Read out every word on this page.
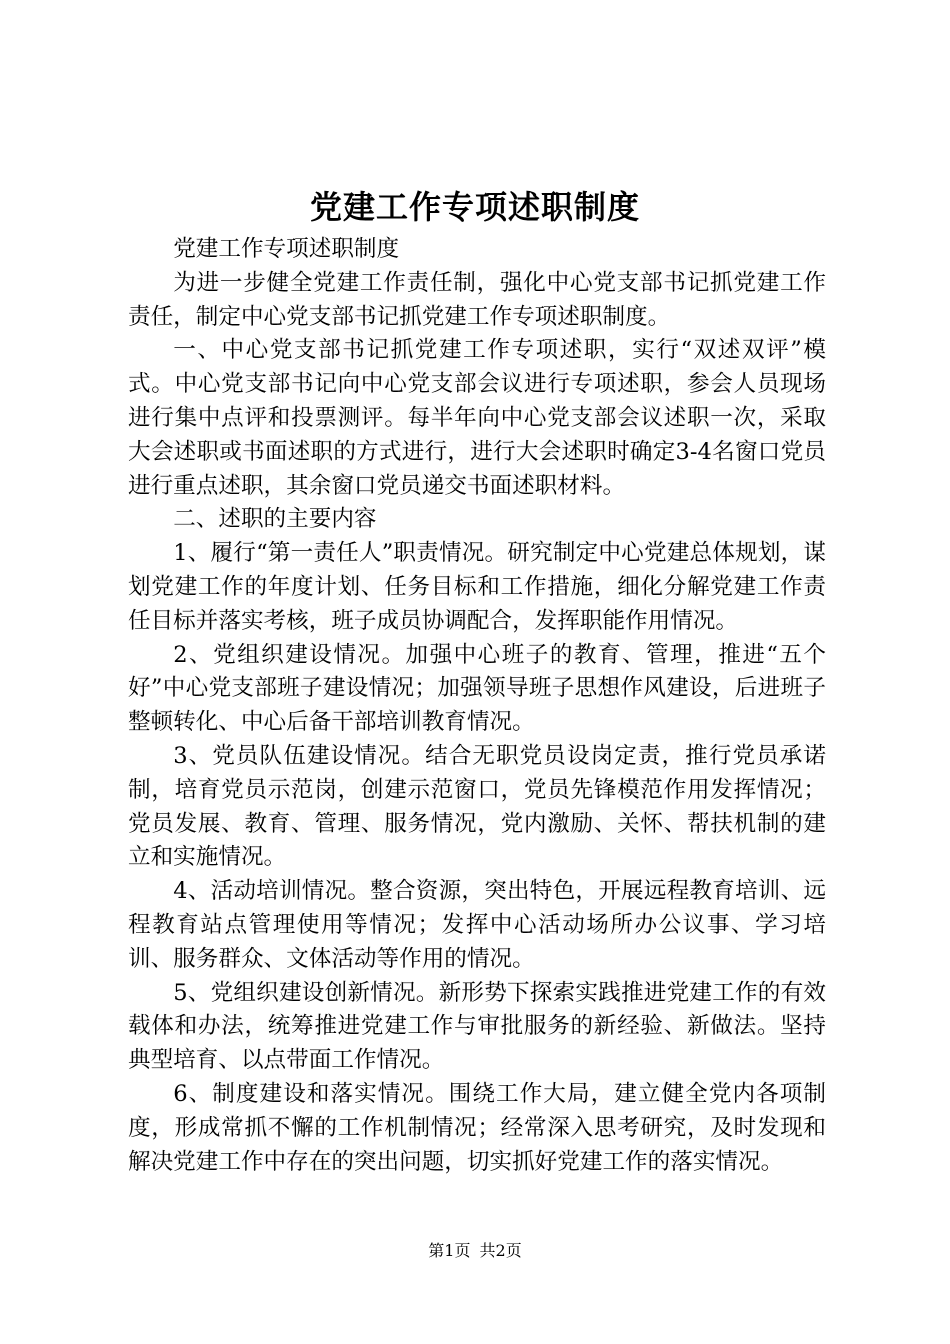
党建工作专项述职制度

党建工作专项述职制度

为进一步健全党建工作责任制，强化中心党支部书记抓党建工作责任，制定中心党支部书记抓党建工作专项述职制度。

一、中心党支部书记抓党建工作专项述职，实行“双述双评”模式。中心党支部书记向中心党支部会议进行专项述职，参会人员现场进行集中点评和投票测评。每半年向中心党支部会议述职一次，采取大会述职或书面述职的方式进行，进行大会述职时确定3-4名窗口党员进行重点述职，其余窗口党员递交书面述职材料。

二、述职的主要内容

1、履行“第一责任人”职责情况。研究制定中心党建总体规划，谋划党建工作的年度计划、任务目标和工作措施，细化分解党建工作责任目标并落实考核，班子成员协调配合，发挥职能作用情况。

2、党组织建设情况。加强中心班子的教育、管理，推进“五个好”中心党支部班子建设情况；加强领导班子思想作风建设，后进班子整顿转化、中心后备干部培训教育情况。

3、党员队伍建设情况。结合无职党员设岗定责，推行党员承诺制，培育党员示范岗，创建示范窗口，党员先锋模范作用发挥情况；党员发展、教育、管理、服务情况，党内激励、关怀、帮扶机制的建立和实施情况。

4、活动培训情况。整合资源，突出特色，开展远程教育培训、远程教育站点管理使用等情况；发挥中心活动场所办公议事、学习培训、服务群众、文体活动等作用的情况。

5、党组织建设创新情况。新形势下探索实践推进党建工作的有效载体和办法，统筹推进党建工作与审批服务的新经验、新做法。坚持典型培育、以点带面工作情况。

6、制度建设和落实情况。围绕工作大局，建立健全党内各项制度，形成常抓不懈的工作机制情况；经常深入思考研究，及时发现和解决党建工作中存在的突出问题，切实抓好党建工作的落实情况。

第1页 共2页
